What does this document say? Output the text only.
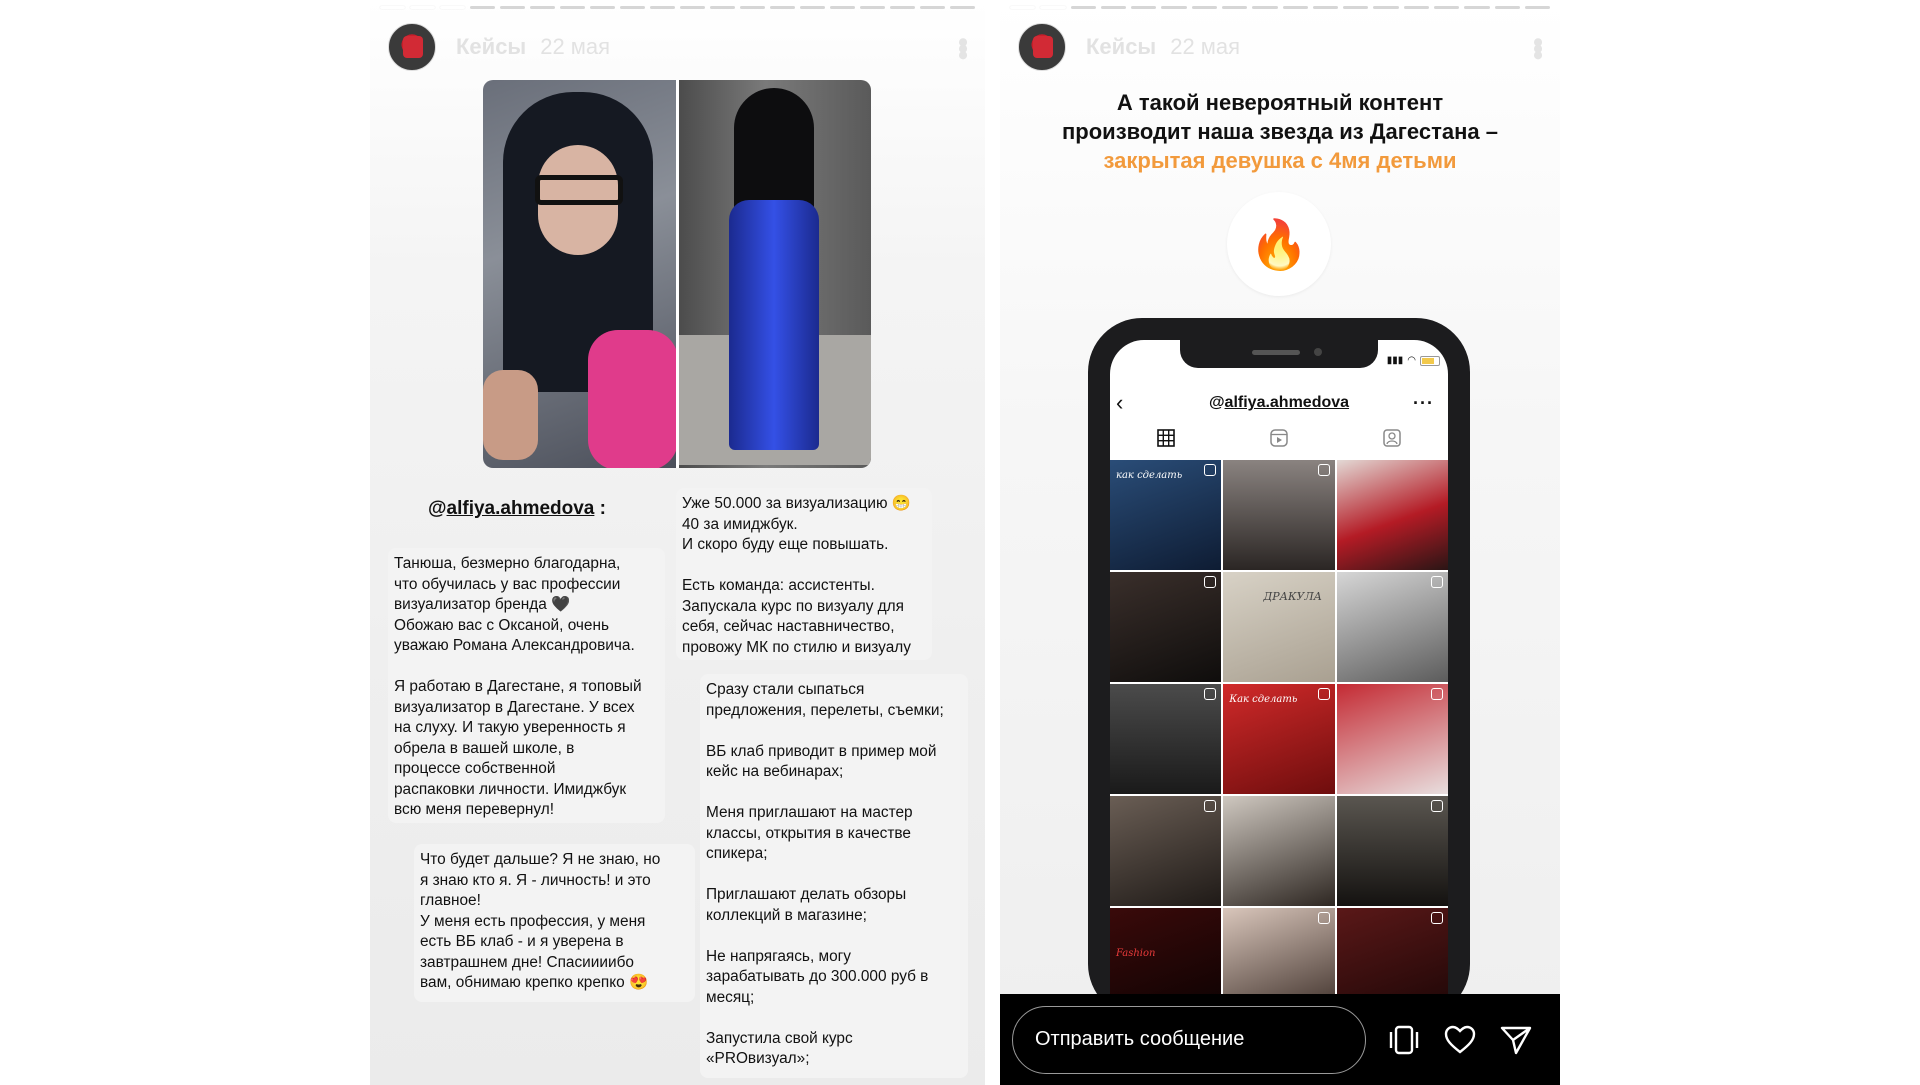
Кейсы 22 мая	•••
@alfiya.ahmedova :
Танюша, безмерно благодарна,
что обучилась у вас профессии
визуализатор бренда 🖤
Обожаю вас с Оксаной, очень
уважаю Романа Александровича.

Я работаю в Дагестане, я топовый
визуализатор в Дагестане. У всех
на слуху. И такую уверенность я
обрела в вашей школе, в
процессе собственной
распаковки личности. Имиджбук
всю меня перевернул!
Уже 50.000 за визуализацию 😁
40 за имиджбук.
И скоро буду еще повышать.

Есть команда: ассистенты.
Запускала курс по визуалу для
себя, сейчас наставничество,
провожу МК по стилю и визуалу
Что будет дальше? Я не знаю, но
я знаю кто я. Я - личность! и это
главное!
У меня есть профессия, у меня
есть ВБ клаб - и я уверена в
завтрашнем дне! Спасиииибо
вам, обнимаю крепко крепко 😍
Сразу стали сыпаться
предложения, перелеты, съемки;

ВБ клаб приводит в пример мой
кейс на вебинарах;

Меня приглашают на мастер
классы, открытия в качестве
спикера;

Приглашают делать обзоры
коллекций в магазине;

Не напрягаясь, могу
зарабатывать до 300.000 руб в
месяц;

Запустила свой курс
«PROвизуал»;
Кейсы 22 мая	•••
А такой невероятный контент
производит наша звезда из Дагестана –
закрытая девушка с 4мя детьми
🔥
▮▮▮ ◠
‹	@alfiya.ahmedova	···
как сделать
ДРАКУЛА
Как сделать
Fashion
Отправить сообщение
